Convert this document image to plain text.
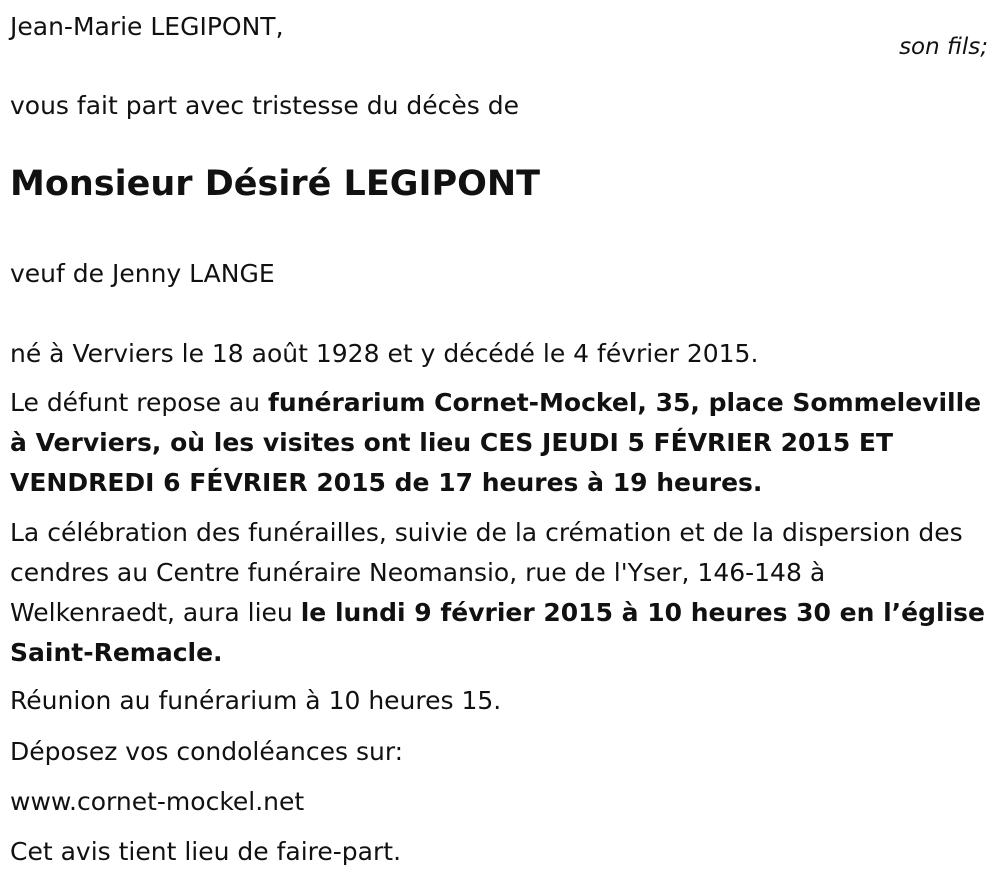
Jean-Marie LEGIPONT,
son fils;
vous fait part avec tristesse du décès de
Monsieur Désiré LEGIPONT
veuf de Jenny LANGE
né à Verviers le 18 août 1928 et y décédé le 4 février 2015.
Le défunt repose au funérarium Cornet-Mockel, 35, place Sommeleville à Verviers, où les visites ont lieu CES JEUDI 5 FÉVRIER 2015 ET VENDREDI 6 FÉVRIER 2015 de 17 heures à 19 heures.
La célébration des funérailles, suivie de la crémation et de la dispersion des cendres au Centre funéraire Neomansio, rue de l'Yser, 146-148 à Welkenraedt, aura lieu le lundi 9 février 2015 à 10 heures 30 en l’église Saint-Remacle.
Réunion au funérarium à 10 heures 15.
Déposez vos condoléances sur:
www.cornet-mockel.net
Cet avis tient lieu de faire-part.
